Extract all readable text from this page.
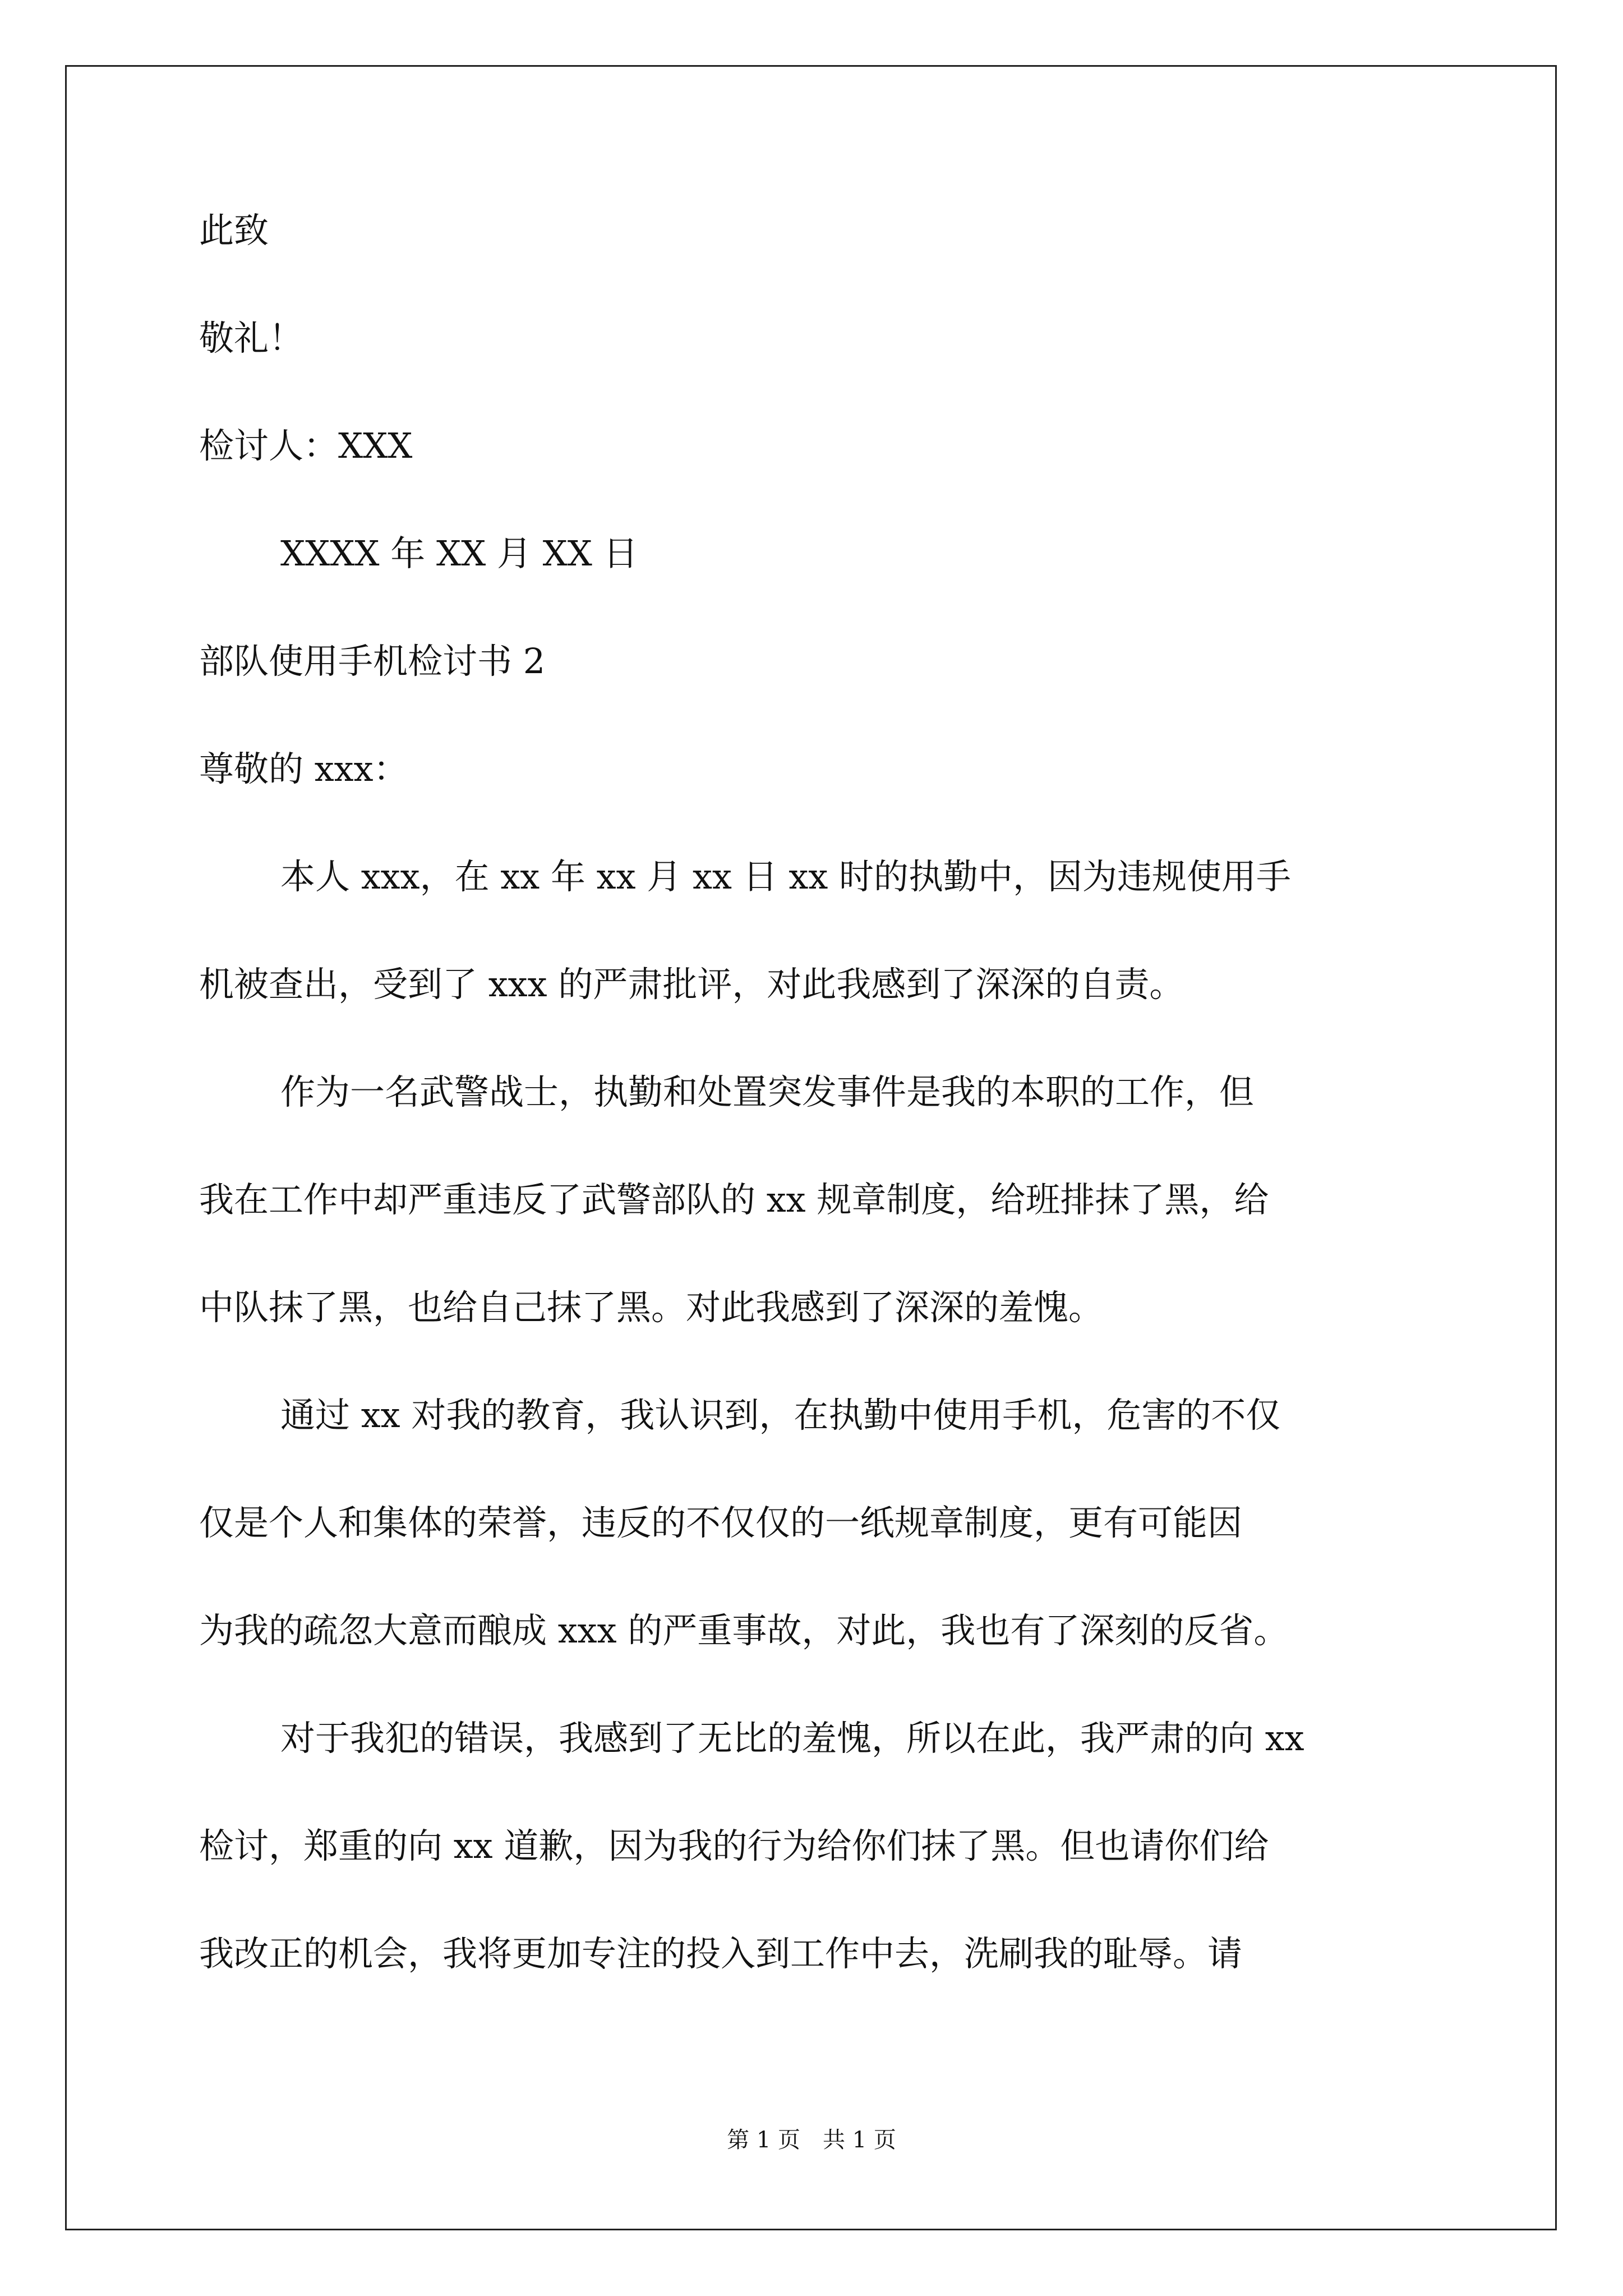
此致
敬礼！
检讨人：XXX
XXXX 年 XX 月 XX 日
部队使用手机检讨书 2
尊敬的 xxx：
本人 xxx，在 xx 年 xx 月 xx 日 xx 时的执勤中，因为违规使用手
机被查出，受到了 xxx 的严肃批评，对此我感到了深深的自责。
作为一名武警战士，执勤和处置突发事件是我的本职的工作，但
我在工作中却严重违反了武警部队的 xx 规章制度，给班排抹了黑，给
中队抹了黑，也给自己抹了黑。对此我感到了深深的羞愧。
通过 xx 对我的教育，我认识到，在执勤中使用手机，危害的不仅
仅是个人和集体的荣誉，违反的不仅仅的一纸规章制度，更有可能因
为我的疏忽大意而酿成 xxx 的严重事故，对此，我也有了深刻的反省。
对于我犯的错误，我感到了无比的羞愧，所以在此，我严肃的向 xx
检讨，郑重的向 xx 道歉，因为我的行为给你们抹了黑。但也请你们给
我改正的机会，我将更加专注的投入到工作中去，洗刷我的耻辱。请
第 1 页　共 1 页
